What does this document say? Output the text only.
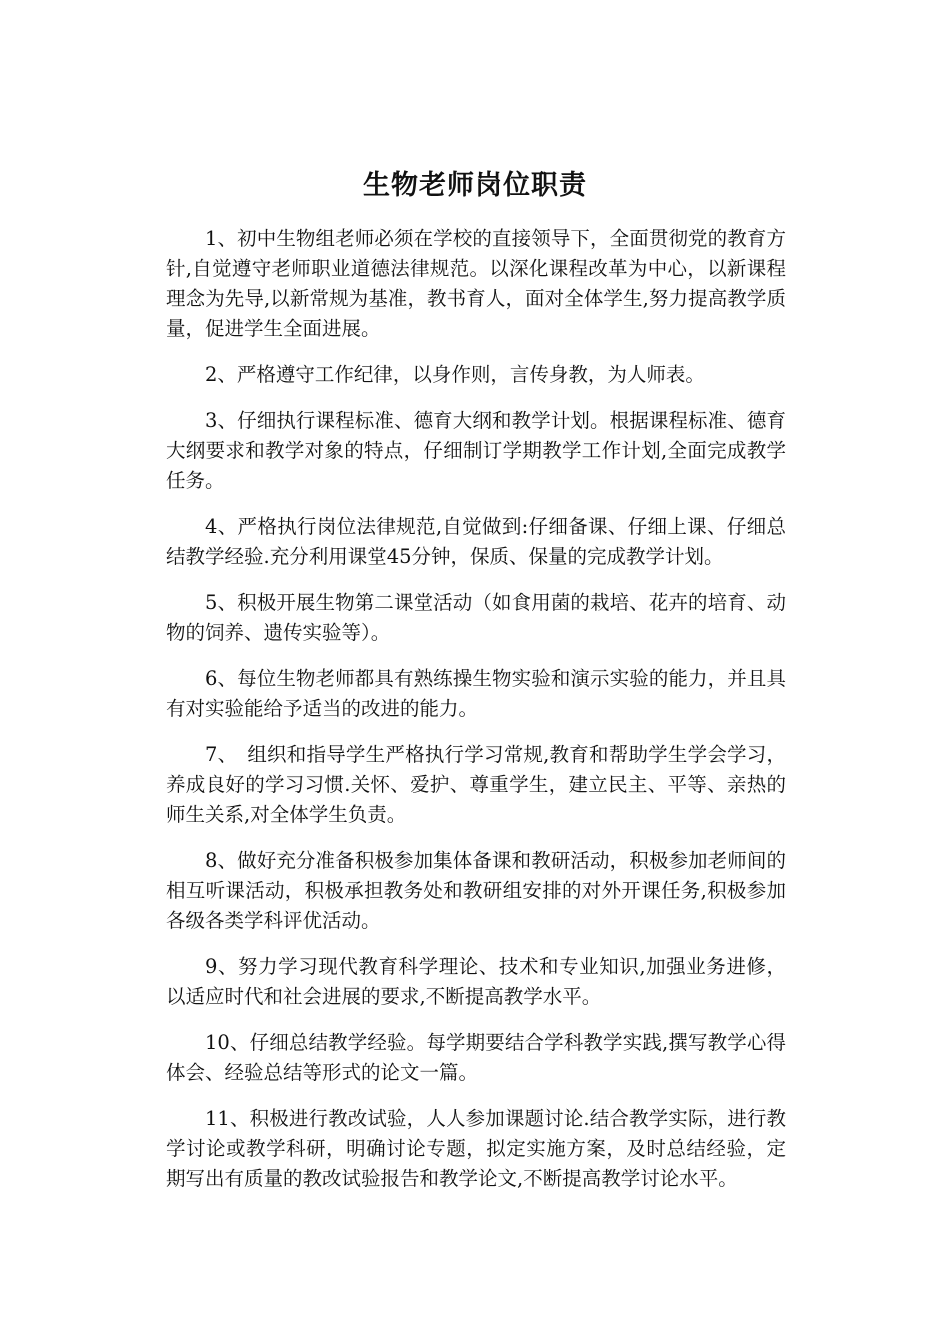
生物老师岗位职责

1、初中生物组老师必须在学校的直接领导下，全面贯彻党的教育方针,自觉遵守老师职业道德法律规范。以深化课程改革为中心，以新课程理念为先导,以新常规为基准，教书育人，面对全体学生,努力提高教学质量，促进学生全面进展。

2、严格遵守工作纪律，以身作则，言传身教，为人师表。

3、仔细执行课程标准、德育大纲和教学计划。根据课程标准、德育大纲要求和教学对象的特点，仔细制订学期教学工作计划,全面完成教学任务。

4、严格执行岗位法律规范,自觉做到:仔细备课、仔细上课、仔细总结教学经验.充分利用课堂45分钟，保质、保量的完成教学计划。

5、积极开展生物第二课堂活动（如食用菌的栽培、花卉的培育、动物的饲养、遗传实验等）。

6、每位生物老师都具有熟练操生物实验和演示实验的能力，并且具有对实验能给予适当的改进的能力。

7、　组织和指导学生严格执行学习常规,教育和帮助学生学会学习，养成良好的学习习惯.关怀、爱护、尊重学生，建立民主、平等、亲热的师生关系,对全体学生负责。

8、做好充分准备积极参加集体备课和教研活动，积极参加老师间的相互听课活动，积极承担教务处和教研组安排的对外开课任务,积极参加各级各类学科评优活动。

9、努力学习现代教育科学理论、技术和专业知识,加强业务进修，以适应时代和社会进展的要求,不断提高教学水平。

10、仔细总结教学经验。每学期要结合学科教学实践,撰写教学心得体会、经验总结等形式的论文一篇。

11、积极进行教改试验，人人参加课题讨论.结合教学实际，进行教学讨论或教学科研，明确讨论专题，拟定实施方案，及时总结经验，定期写出有质量的教改试验报告和教学论文,不断提高教学讨论水平。
